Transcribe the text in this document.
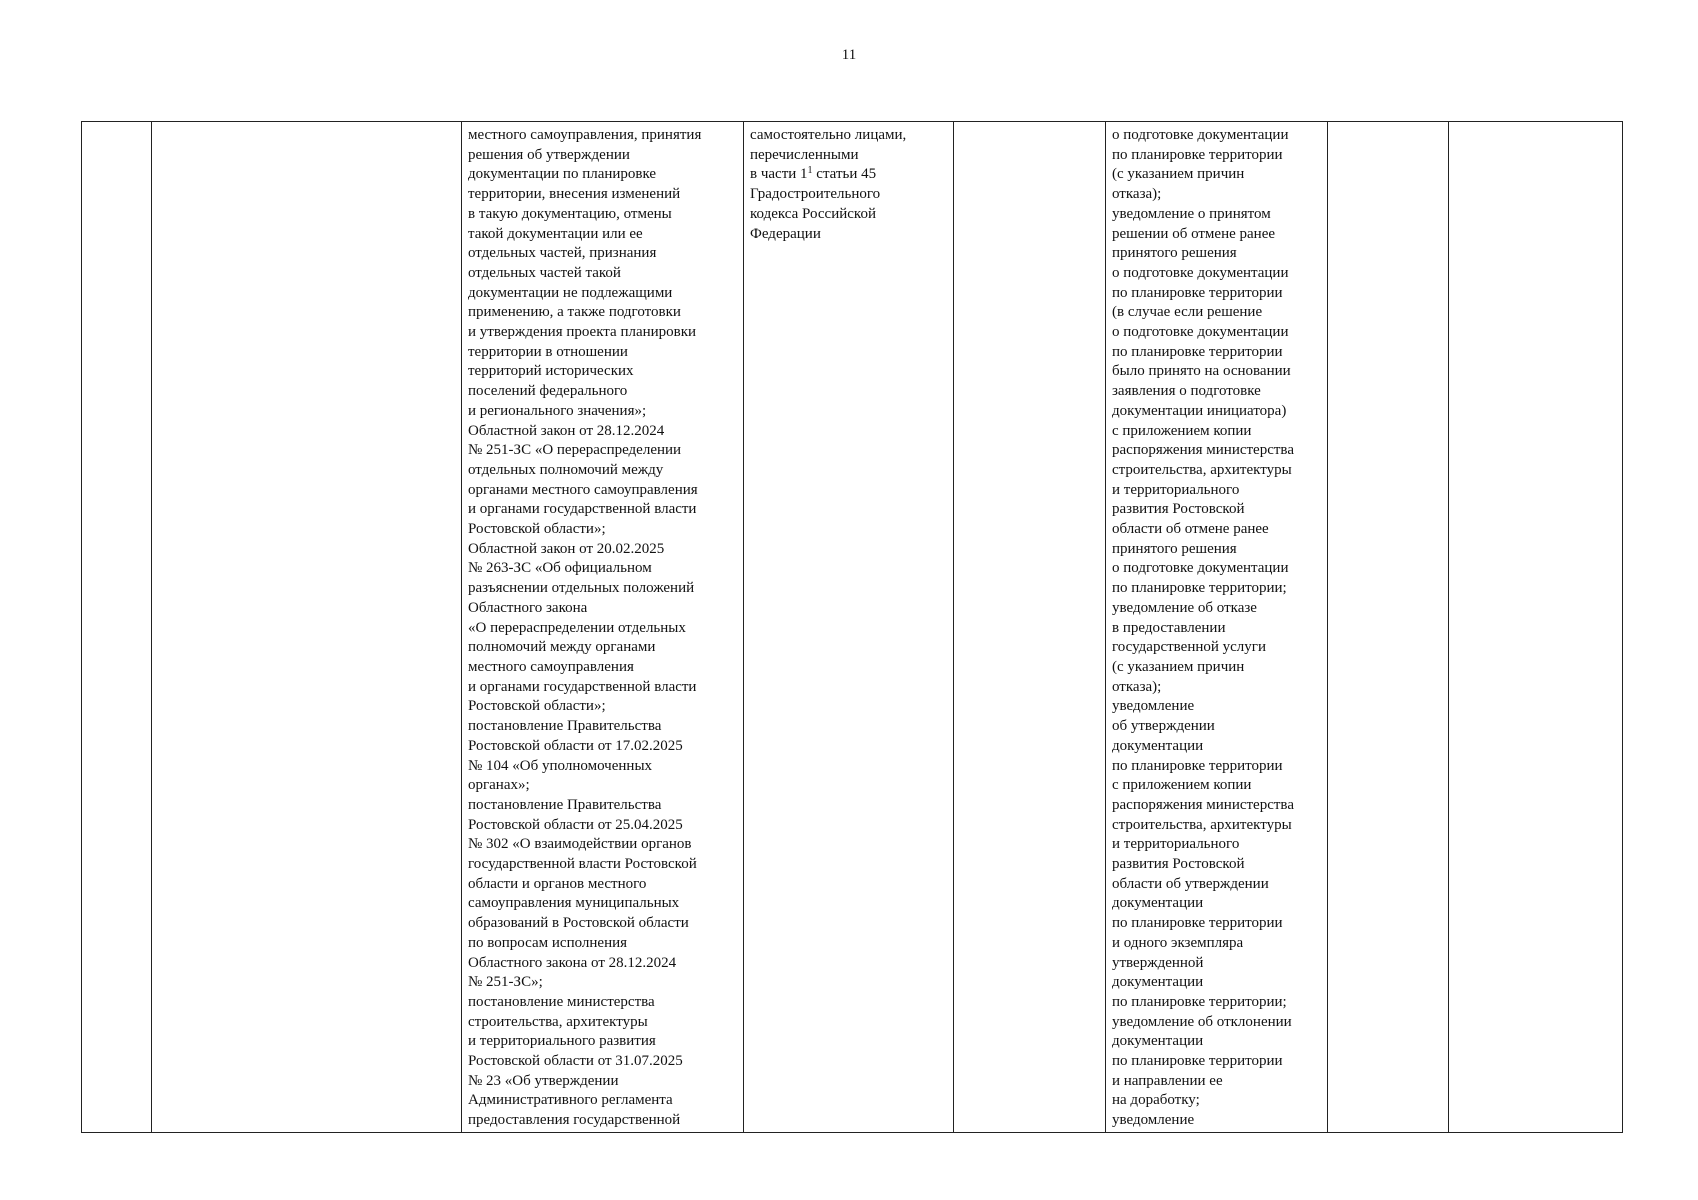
11
		местного самоуправления, принятия
решения об утверждении
документации по планировке
территории, внесения изменений
в такую документацию, отмены
такой документации или ее
отдельных частей, признания
отдельных частей такой
документации не подлежащими
применению, а также подготовки
и утверждения проекта планировки
территории в отношении
территорий исторических
поселений федерального
и регионального значения»;
Областной закон от 28.12.2024
№ 251-ЗС «О перераспределении
отдельных полномочий между
органами местного самоуправления
и органами государственной власти
Ростовской области»;
Областной закон от 20.02.2025
№ 263-ЗС «Об официальном
разъяснении отдельных положений
Областного закона
«О перераспределении отдельных
полномочий между органами
местного самоуправления
и органами государственной власти
Ростовской области»;
постановление Правительства
Ростовской области от 17.02.2025
№ 104 «Об уполномоченных
органах»;
постановление Правительства
Ростовской области от 25.04.2025
№ 302 «О взаимодействии органов
государственной власти Ростовской
области и органов местного
самоуправления муниципальных
образований в Ростовской области
по вопросам исполнения
Областного закона от 28.12.2024
№ 251-ЗС»;
постановление министерства
строительства, архитектуры
и территориального развития
Ростовской области от 31.07.2025
№ 23 «Об утверждении
Административного регламента
предоставления государственной	самостоятельно лицами,
перечисленными
в части $1^1$ статьи 45
Градостроительного
кодекса Российской
Федерации		о подготовке документации
по планировке территории
(с указанием причин
отказа);
уведомление о принятом
решении об отмене ранее
принятого решения
о подготовке документации
по планировке территории
(в случае если решение
о подготовке документации
по планировке территории
было принято на основании
заявления о подготовке
документации инициатора)
с приложением копии
распоряжения министерства
строительства, архитектуры
и территориального
развития Ростовской
области об отмене ранее
принятого решения
о подготовке документации
по планировке территории;
уведомление об отказе
в предоставлении
государственной услуги
(с указанием причин
отказа);
уведомление
об утверждении
документации
по планировке территории
с приложением копии
распоряжения министерства
строительства, архитектуры
и территориального
развития Ростовской
области об утверждении
документации
по планировке территории
и одного экземпляра
утвержденной
документации
по планировке территории;
уведомление об отклонении
документации
по планировке территории
и направлении ее
на доработку;
уведомление		
